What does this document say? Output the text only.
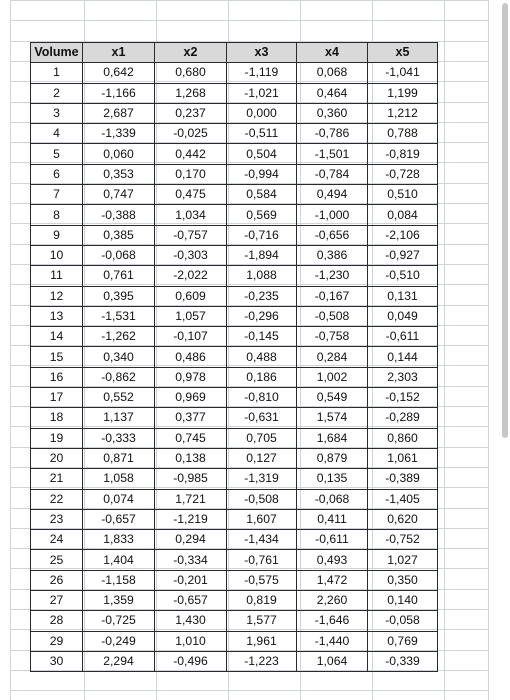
Volume	x1	x2	x3	x4	x5
1	0,642	0,680	-1,119	0,068	-1,041
2	-1,166	1,268	-1,021	0,464	1,199
3	2,687	0,237	0,000	0,360	1,212
4	-1,339	-0,025	-0,511	-0,786	0,788
5	0,060	0,442	0,504	-1,501	-0,819
6	0,353	0,170	-0,994	-0,784	-0,728
7	0,747	0,475	0,584	0,494	0,510
8	-0,388	1,034	0,569	-1,000	0,084
9	0,385	-0,757	-0,716	-0,656	-2,106
10	-0,068	-0,303	-1,894	0,386	-0,927
11	0,761	-2,022	1,088	-1,230	-0,510
12	0,395	0,609	-0,235	-0,167	0,131
13	-1,531	1,057	-0,296	-0,508	0,049
14	-1,262	-0,107	-0,145	-0,758	-0,611
15	0,340	0,486	0,488	0,284	0,144
16	-0,862	0,978	0,186	1,002	2,303
17	0,552	0,969	-0,810	0,549	-0,152
18	1,137	0,377	-0,631	1,574	-0,289
19	-0,333	0,745	0,705	1,684	0,860
20	0,871	0,138	0,127	0,879	1,061
21	1,058	-0,985	-1,319	0,135	-0,389
22	0,074	1,721	-0,508	-0,068	-1,405
23	-0,657	-1,219	1,607	0,411	0,620
24	1,833	0,294	-1,434	-0,611	-0,752
25	1,404	-0,334	-0,761	0,493	1,027
26	-1,158	-0,201	-0,575	1,472	0,350
27	1,359	-0,657	0,819	2,260	0,140
28	-0,725	1,430	1,577	-1,646	-0,058
29	-0,249	1,010	1,961	-1,440	0,769
30	2,294	-0,496	-1,223	1,064	-0,339
